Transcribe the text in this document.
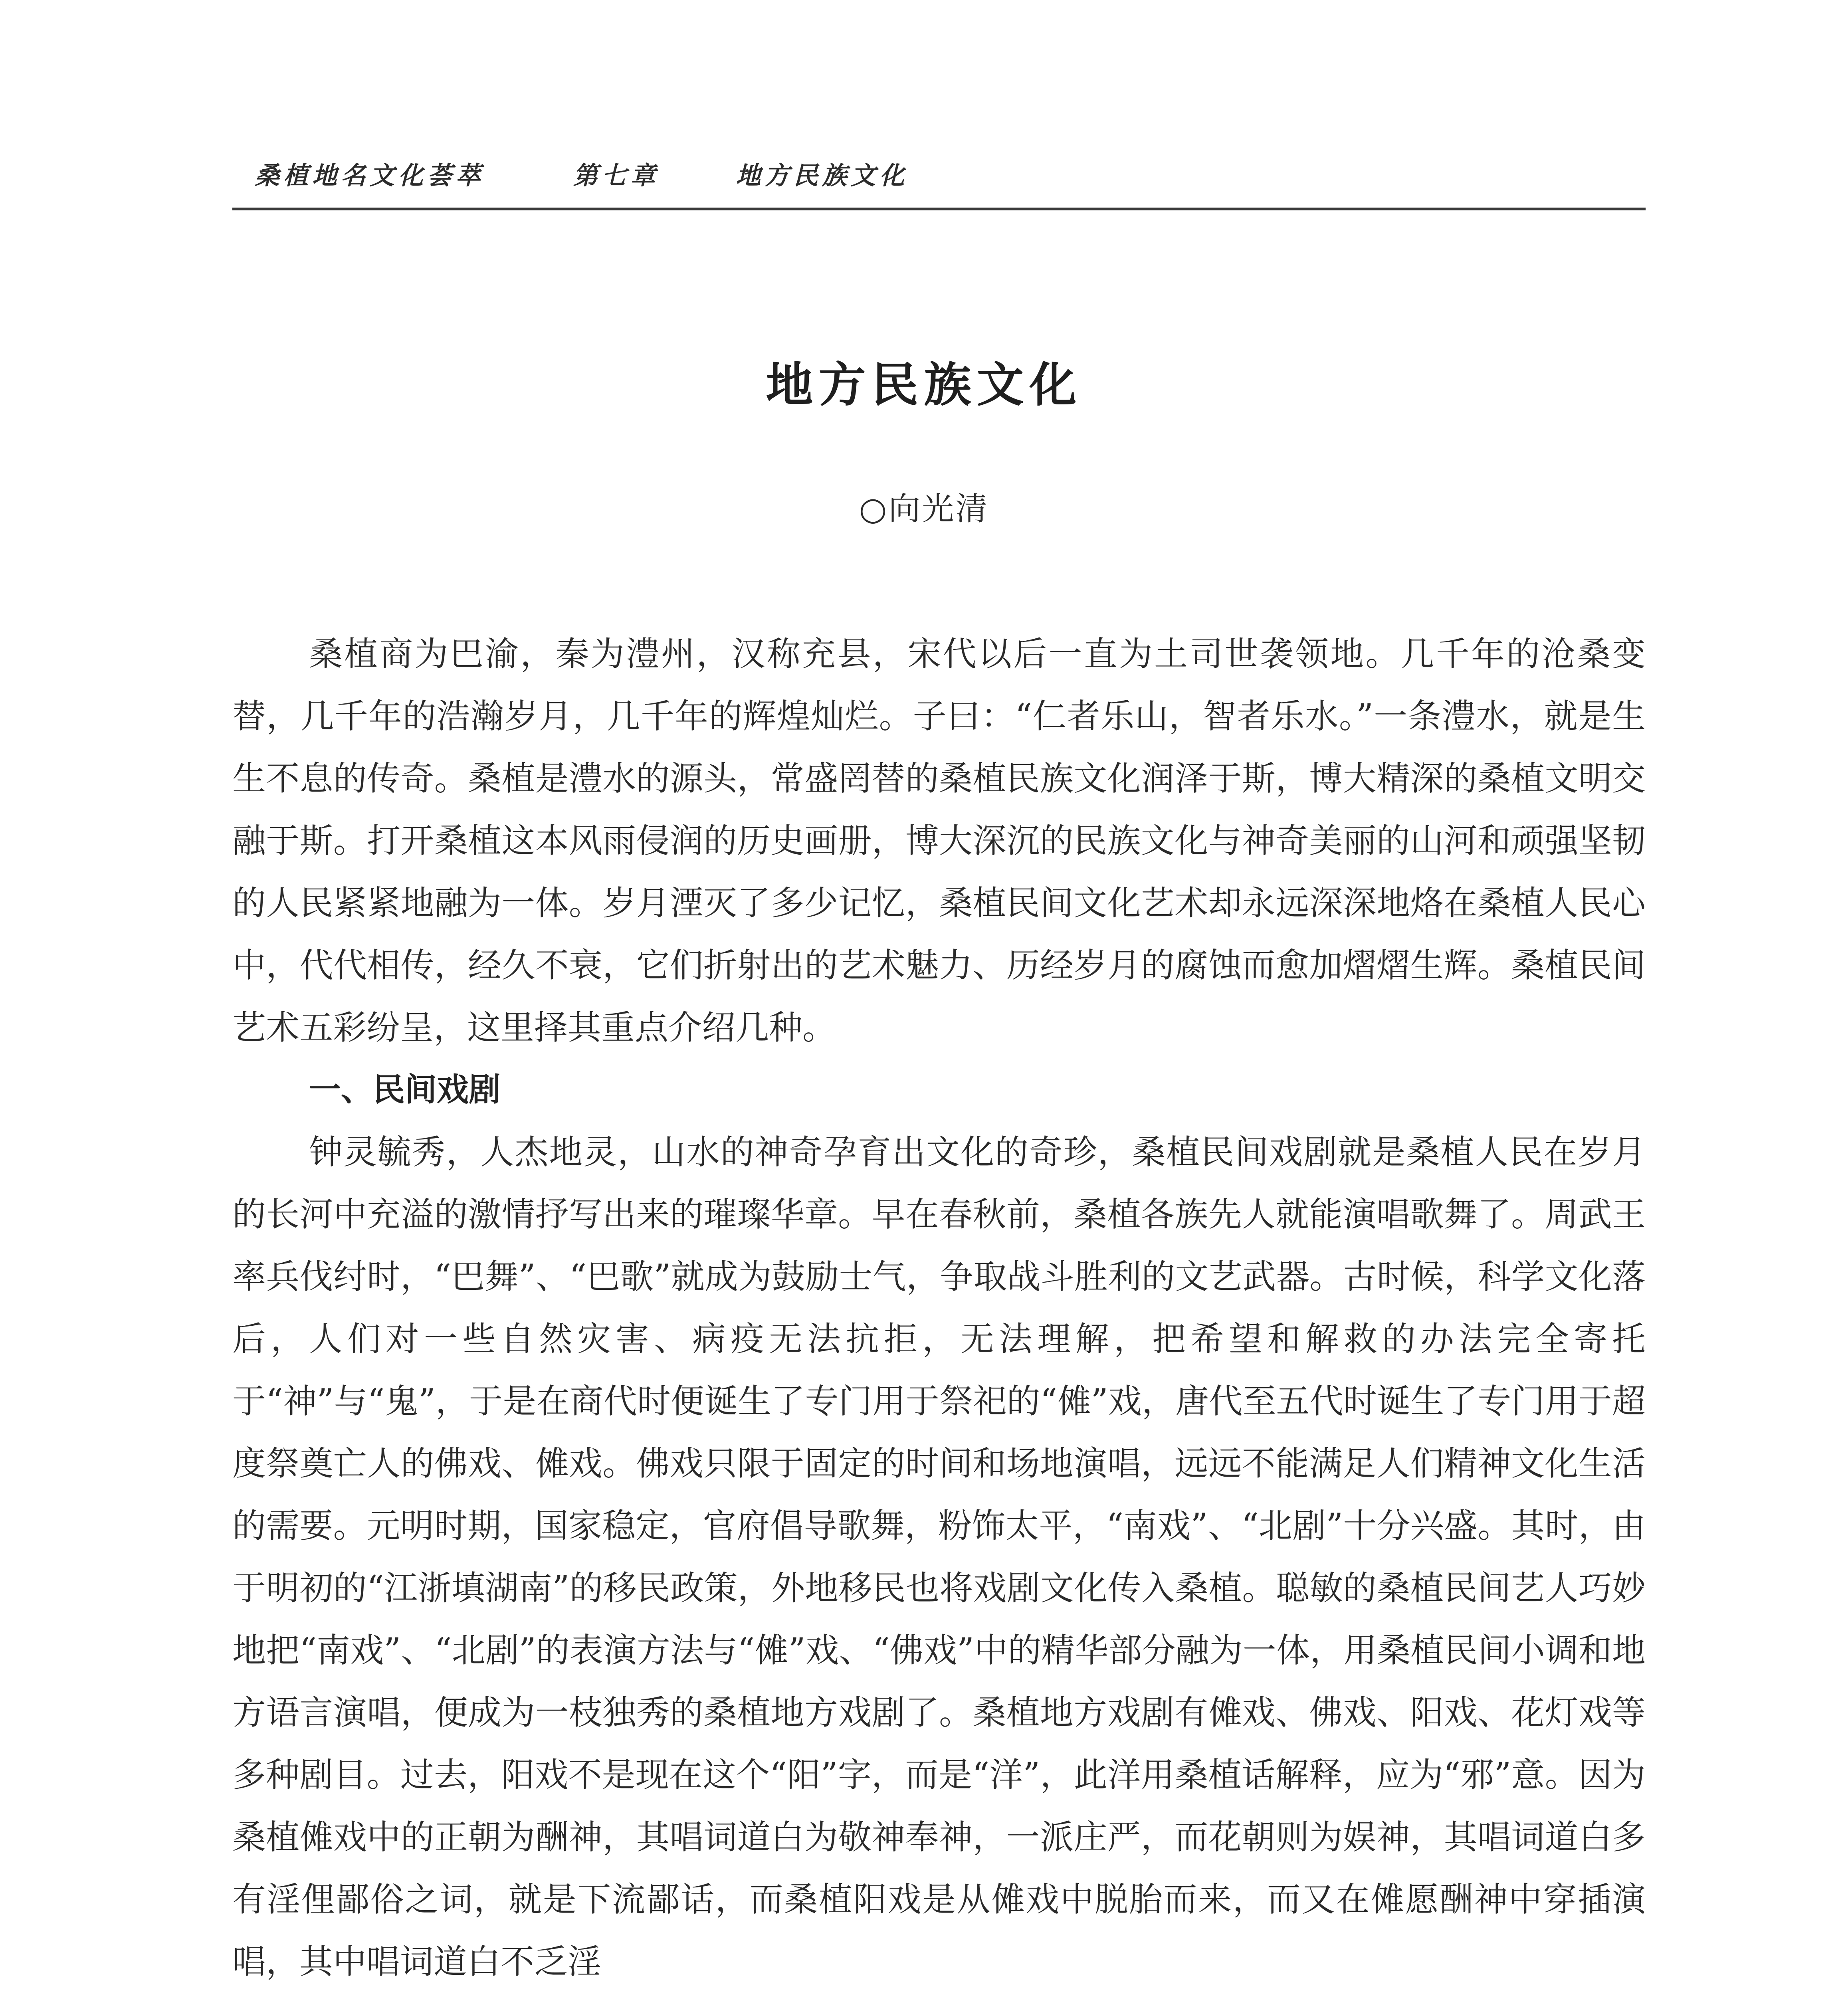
桑植地名文化荟萃	第七章	地方民族文化
地方民族文化
○向光清

桑植商为巴渝，秦为澧州，汉称充县，宋代以后一直为土司世袭领地。几千年的沧桑变替，几千年的浩瀚岁月，几千年的辉煌灿烂。子曰：“仁者乐山，智者乐水。”一条澧水，就是生生不息的传奇。桑植是澧水的源头，常盛罔替的桑植民族文化润泽于斯，博大精深的桑植文明交融于斯。打开桑植这本风雨侵润的历史画册，博大深沉的民族文化与神奇美丽的山河和顽强坚韧的人民紧紧地融为一体。岁月湮灭了多少记忆，桑植民间文化艺术却永远深深地烙在桑植人民心中，代代相传，经久不衰，它们折射出的艺术魅力、历经岁月的腐蚀而愈加熠熠生辉。桑植民间艺术五彩纷呈，这里择其重点介绍几种。

一、民间戏剧

钟灵毓秀，人杰地灵，山水的神奇孕育出文化的奇珍，桑植民间戏剧就是桑植人民在岁月的长河中充溢的激情抒写出来的璀璨华章。早在春秋前，桑植各族先人就能演唱歌舞了。周武王率兵伐纣时，“巴舞”、“巴歌”就成为鼓励士气，争取战斗胜利的文艺武器。古时候，科学文化落后，人们对一些自然灾害、病疫无法抗拒，无法理解，把希望和解救的办法完全寄托于“神”与“鬼”，于是在商代时便诞生了专门用于祭祀的“傩”戏，唐代至五代时诞生了专门用于超度祭奠亡人的佛戏、傩戏。佛戏只限于固定的时间和场地演唱，远远不能满足人们精神文化生活的需要。元明时期，国家稳定，官府倡导歌舞，粉饰太平，“南戏”、“北剧”十分兴盛。其时，由于明初的“江浙填湖南”的移民政策，外地移民也将戏剧文化传入桑植。聪敏的桑植民间艺人巧妙地把“南戏”、“北剧”的表演方法与“傩”戏、“佛戏”中的精华部分融为一体，用桑植民间小调和地方语言演唱，便成为一枝独秀的桑植地方戏剧了。桑植地方戏剧有傩戏、佛戏、阳戏、花灯戏等多种剧目。过去，阳戏不是现在这个“阳”字，而是“洋”，此洋用桑植话解释，应为“邪”意。因为桑植傩戏中的正朝为酬神，其唱词道白为敬神奉神，一派庄严，而花朝则为娱神，其唱词道白多有淫俚鄙俗之词，就是下流鄙话，而桑植阳戏是从傩戏中脱胎而来，而又在傩愿酬神中穿插演唱，其中唱词道白不乏淫
